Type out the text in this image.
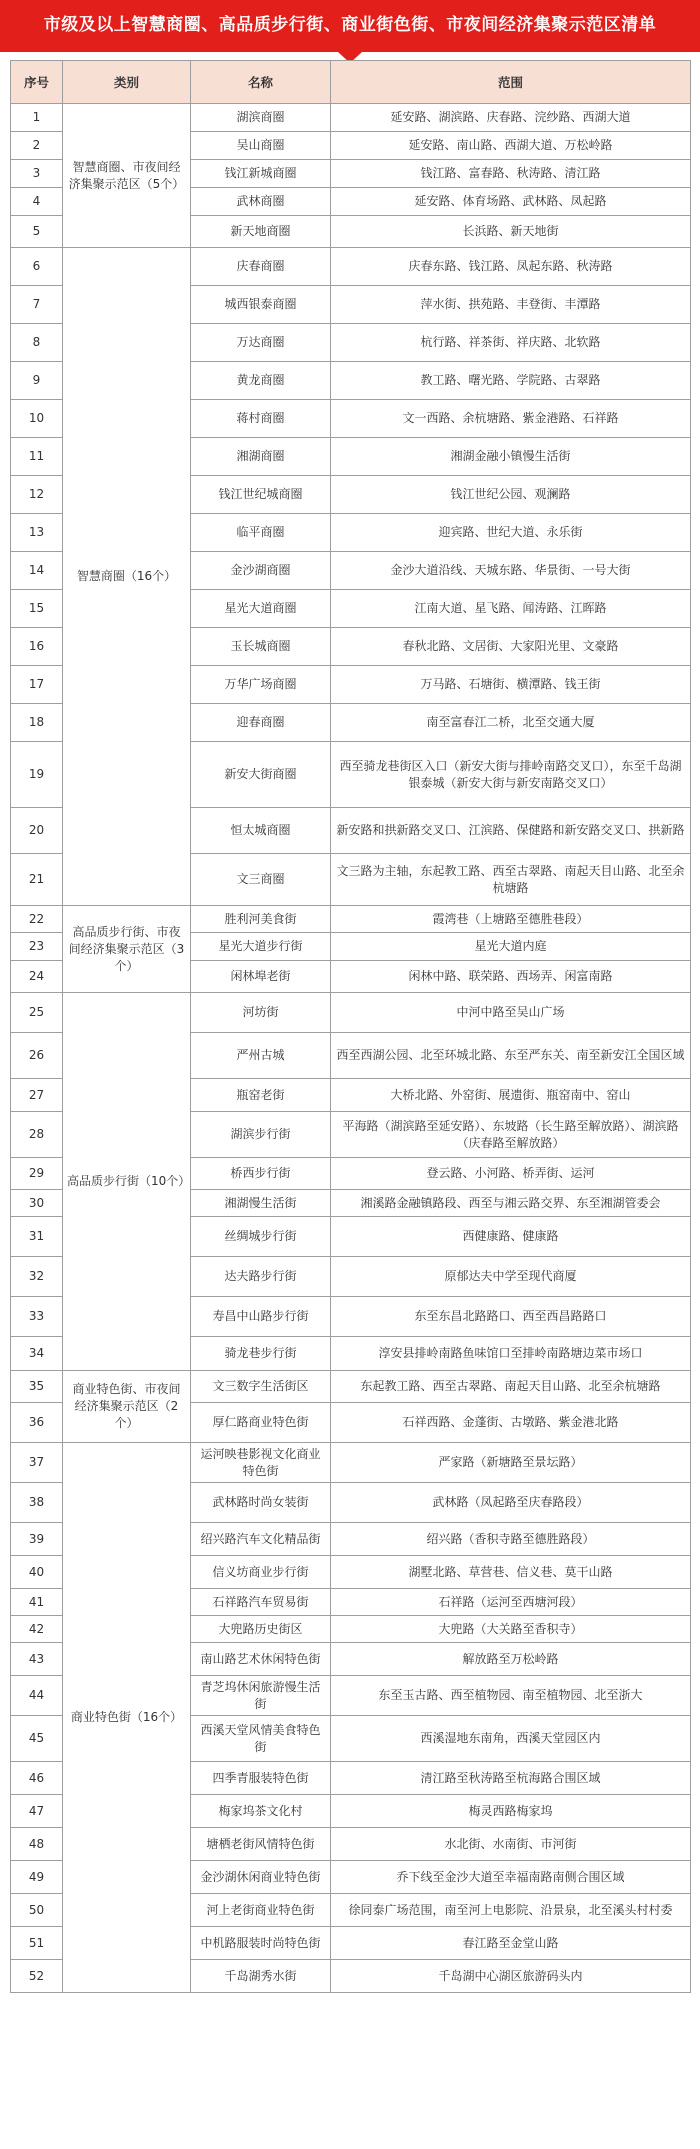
市级及以上智慧商圈、高品质步行街、商业街色街、市夜间经济集聚示范区清单
序号	类别	名称	范围
1	智慧商圈、市夜间经济集聚示范区（5个）	湖滨商圈	延安路、湖滨路、庆春路、浣纱路、西湖大道
2		吴山商圈	延安路、南山路、西湖大道、万松岭路
3		钱江新城商圈	钱江路、富春路、秋涛路、清江路
4		武林商圈	延安路、体育场路、武林路、凤起路
5		新天地商圈	长浜路、新天地街
6	智慧商圈（16个）	庆春商圈	庆春东路、钱江路、凤起东路、秋涛路
7		城西银泰商圈	萍水街、拱苑路、丰登街、丰潭路
8		万达商圈	杭行路、祥茶街、祥庆路、北软路
9		黄龙商圈	教工路、曙光路、学院路、古翠路
10		蒋村商圈	文一西路、余杭塘路、紫金港路、石祥路
11		湘湖商圈	湘湖金融小镇慢生活街
12		钱江世纪城商圈	钱江世纪公园、观澜路
13		临平商圈	迎宾路、世纪大道、永乐街
14		金沙湖商圈	金沙大道沿线、天城东路、华景街、一号大街
15		星光大道商圈	江南大道、星飞路、闻涛路、江晖路
16		玉长城商圈	春秋北路、文居街、大家阳光里、文豪路
17		万华广场商圈	万马路、石塘街、横潭路、钱王街
18		迎春商圈	南至富春江二桥，北至交通大厦
19		新安大街商圈	西至骑龙巷街区入口（新安大街与排岭南路交叉口），东至千岛湖银泰城（新安大街与新安南路交叉口）
20		恒太城商圈	新安路和拱新路交叉口、江滨路、保健路和新安路交叉口、拱新路
21		文三商圈	文三路为主轴，东起教工路、西至古翠路、南起天目山路、北至余杭塘路
22	高品质步行街、市夜间经济集聚示范区（3个）	胜利河美食街	霞湾巷（上塘路至德胜巷段）
23		星光大道步行街	星光大道内庭
24		闲林埠老街	闲林中路、联荣路、西场弄、闲富南路
25	高品质步行街（10个）	河坊街	中河中路至吴山广场
26		严州古城	西至西湖公园、北至环城北路、东至严东关、南至新安江全国区域
27		瓶窑老街	大桥北路、外窑街、展遗街、瓶窑南中、窑山
28		湖滨步行街	平海路（湖滨路至延安路）、东坡路（长生路至解放路）、湖滨路（庆春路至解放路）
29		桥西步行街	登云路、小河路、桥弄街、运河
30		湘湖慢生活街	湘溪路金融镇路段、西至与湘云路交界、东至湘湖管委会
31		丝绸城步行街	西健康路、健康路
32		达夫路步行街	原郁达夫中学至现代商厦
33		寿昌中山路步行街	东至东昌北路路口、西至西昌路路口
34		骑龙巷步行街	淳安县排岭南路鱼味馆口至排岭南路塘边菜市场口
35	商业特色街、市夜间经济集聚示范区（2个）	文三数字生活街区	东起教工路、西至古翠路、南起天目山路、北至余杭塘路
36		厚仁路商业特色街	石祥西路、金蓬街、古墩路、紫金港北路
37	商业特色街（16个）	运河映巷影视文化商业特色街	严家路（新塘路至景坛路）
38		武林路时尚女装街	武林路（凤起路至庆春路段）
39		绍兴路汽车文化精品街	绍兴路（香积寺路至德胜路段）
40		信义坊商业步行街	湖墅北路、草营巷、信义巷、莫干山路
41		石祥路汽车贸易街	石祥路（运河至西塘河段）
42		大兜路历史街区	大兜路（大关路至香积寺）
43		南山路艺术休闲特色街	解放路至万松岭路
44		青芝坞休闲旅游慢生活街	东至玉古路、西至植物园、南至植物园、北至浙大
45		西溪天堂风情美食特色街	西溪湿地东南角，西溪天堂园区内
46		四季青服装特色街	清江路至秋涛路至杭海路合围区域
47		梅家坞茶文化村	梅灵西路梅家坞
48		塘栖老街风情特色街	水北街、水南街、市河街
49		金沙湖休闲商业特色街	乔下线至金沙大道至幸福南路南侧合围区域
50		河上老街商业特色街	徐同泰广场范围，南至河上电影院、沿景泉，北至溪头村村委
51		中机路服装时尚特色街	春江路至金堂山路
52		千岛湖秀水街	千岛湖中心湖区旅游码头内
